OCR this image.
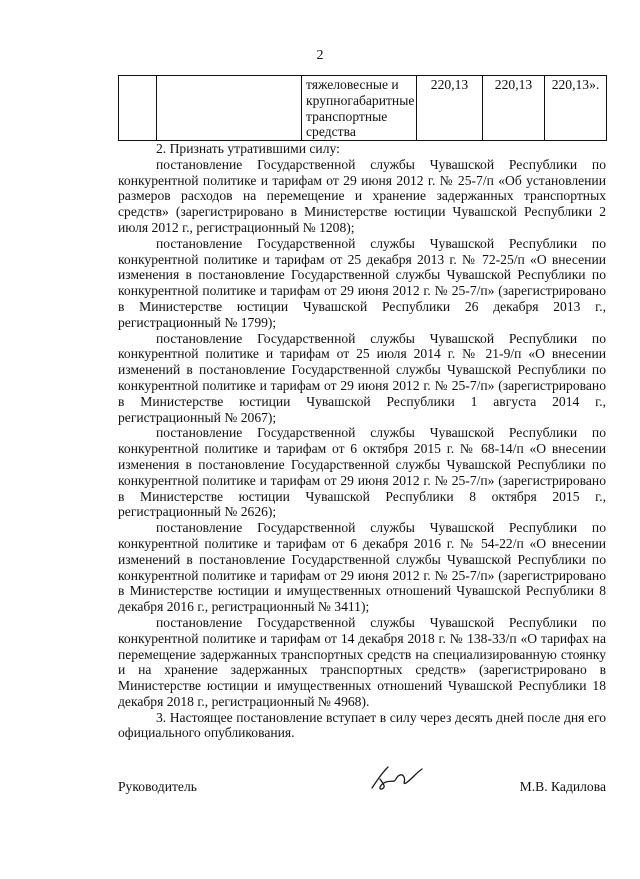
2
		тяжеловесные и крупногабаритные транспортные средства	220,13	220,13	220,13».

2. Признать утратившими силу:

постановление Государственной службы Чувашской Республики по конкурентной политике и тарифам от 29 июня 2012 г. № 25-7/п «Об установлении размеров расходов на перемещение и хранение задержанных транспортных средств» (зарегистрировано в Министерстве юстиции Чувашской Республики 2 июля 2012 г., регистрационный № 1208);

постановление Государственной службы Чувашской Республики по конкурентной политике и тарифам от 25 декабря 2013 г. № 72-25/п «О внесении изменения в постановление Государственной службы Чувашской Республики по конкурентной политике и тарифам от 29 июня 2012 г. № 25-7/п» (зарегистрировано в Министерстве юстиции Чувашской Республики 26 декабря 2013 г., регистрационный № 1799);

постановление Государственной службы Чувашской Республики по конкурентной политике и тарифам от 25 июля 2014 г. № 21-9/п «О внесении изменений в постановление Государственной службы Чувашской Республики по конкурентной политике и тарифам от 29 июня 2012 г. № 25-7/п» (зарегистрировано в Министерстве юстиции Чувашской Республики 1 августа 2014 г., регистрационный № 2067);

постановление Государственной службы Чувашской Республики по конкурентной политике и тарифам от 6 октября 2015 г. № 68-14/п «О внесении изменения в постановление Государственной службы Чувашской Республики по конкурентной политике и тарифам от 29 июня 2012 г. № 25-7/п» (зарегистрировано в Министерстве юстиции Чувашской Республики 8 октября 2015 г., регистрационный № 2626);

постановление Государственной службы Чувашской Республики по конкурентной политике и тарифам от 6 декабря 2016 г. № 54-22/п «О внесении изменений в постановление Государственной службы Чувашской Республики по конкурентной политике и тарифам от 29 июня 2012 г. № 25-7/п» (зарегистрировано в Министерстве юстиции и имущественных отношений Чувашской Республики 8 декабря 2016 г., регистрационный № 3411);

постановление Государственной службы Чувашской Республики по конкурентной политике и тарифам от 14 декабря 2018 г. № 138-33/п «О тарифах на перемещение задержанных транспортных средств на специализированную стоянку и на хранение задержанных транспортных средств» (зарегистрировано в Министерстве юстиции и имущественных отношений Чувашской Республики 18 декабря 2018 г., регистрационный № 4968).

3. Настоящее постановление вступает в силу через десять дней после дня его официального опубликования.

Руководитель	М.В. Кадилова
